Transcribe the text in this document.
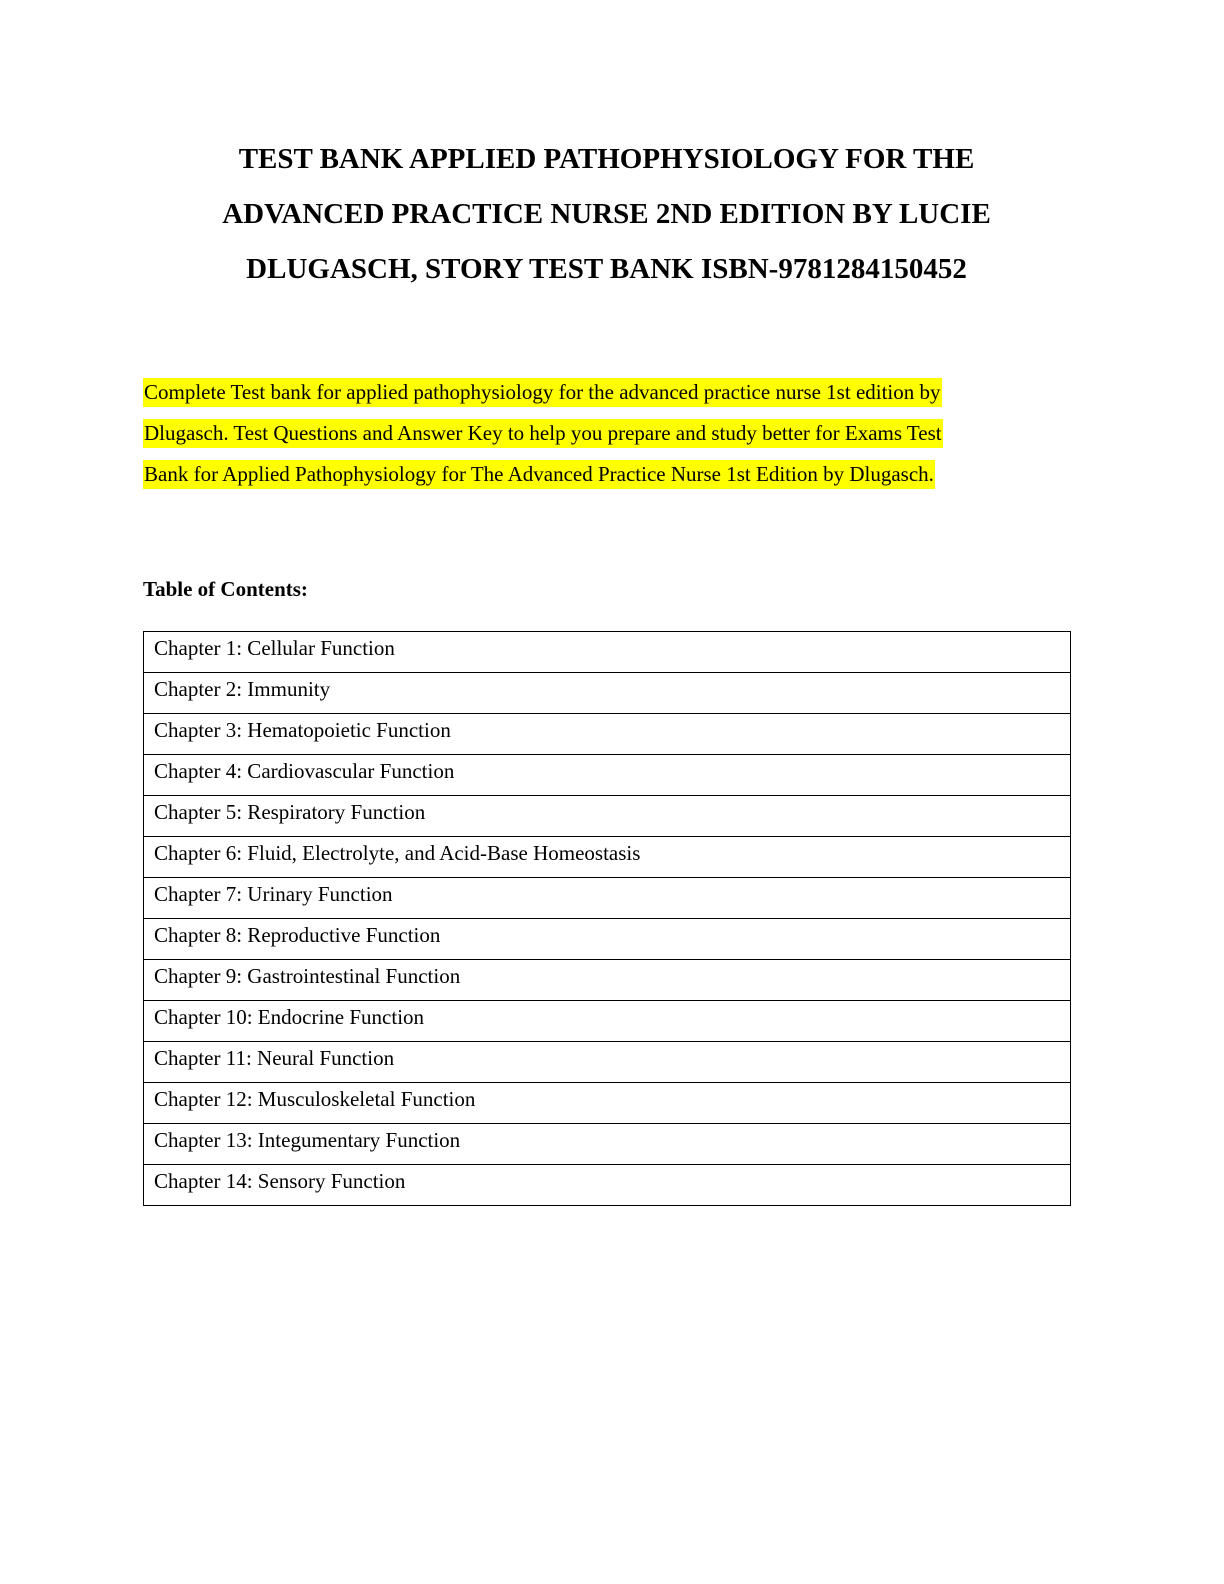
TEST BANK APPLIED PATHOPHYSIOLOGY FOR THE
ADVANCED PRACTICE NURSE 2ND EDITION BY LUCIE
DLUGASCH, STORY TEST BANK ISBN-9781284150452
Complete Test bank for applied pathophysiology for the advanced practice nurse 1st edition by
Dlugasch. Test Questions and Answer Key to help you prepare and study better for Exams Test
Bank for Applied Pathophysiology for The Advanced Practice Nurse 1st Edition by Dlugasch.
Table of Contents:
Chapter 1: Cellular Function

Chapter 2: Immunity

Chapter 3: Hematopoietic Function

Chapter 4: Cardiovascular Function

Chapter 5: Respiratory Function

Chapter 6: Fluid, Electrolyte, and Acid-Base Homeostasis

Chapter 7: Urinary Function

Chapter 8: Reproductive Function

Chapter 9: Gastrointestinal Function

Chapter 10: Endocrine Function

Chapter 11: Neural Function

Chapter 12: Musculoskeletal Function

Chapter 13: Integumentary Function

Chapter 14: Sensory Function
